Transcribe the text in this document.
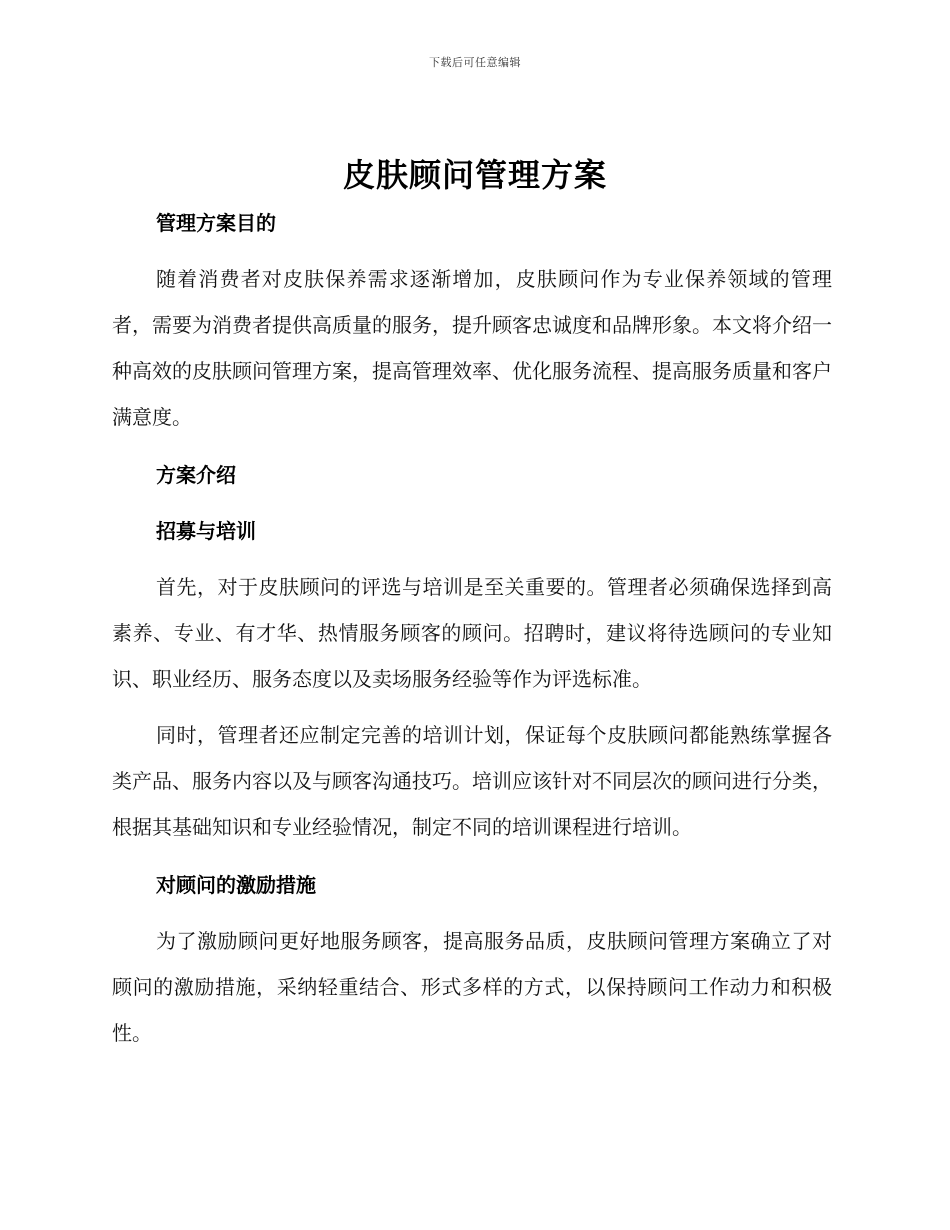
下载后可任意编辑
皮肤顾问管理方案
管理方案目的

随着消费者对皮肤保养需求逐渐增加，皮肤顾问作为专业保养领域的管理者，需要为消费者提供高质量的服务，提升顾客忠诚度和品牌形象。本文将介绍一种高效的皮肤顾问管理方案，提高管理效率、优化服务流程、提高服务质量和客户满意度。

方案介绍
招募与培训

首先，对于皮肤顾问的评选与培训是至关重要的。管理者必须确保选择到高素养、专业、有才华、热情服务顾客的顾问。招聘时，建议将待选顾问的专业知识、职业经历、服务态度以及卖场服务经验等作为评选标准。

同时，管理者还应制定完善的培训计划，保证每个皮肤顾问都能熟练掌握各类产品、服务内容以及与顾客沟通技巧。培训应该针对不同层次的顾问进行分类，根据其基础知识和专业经验情况，制定不同的培训课程进行培训。

对顾问的激励措施

为了激励顾问更好地服务顾客，提高服务品质，皮肤顾问管理方案确立了对顾问的激励措施，采纳轻重结合、形式多样的方式，以保持顾问工作动力和积极性。
